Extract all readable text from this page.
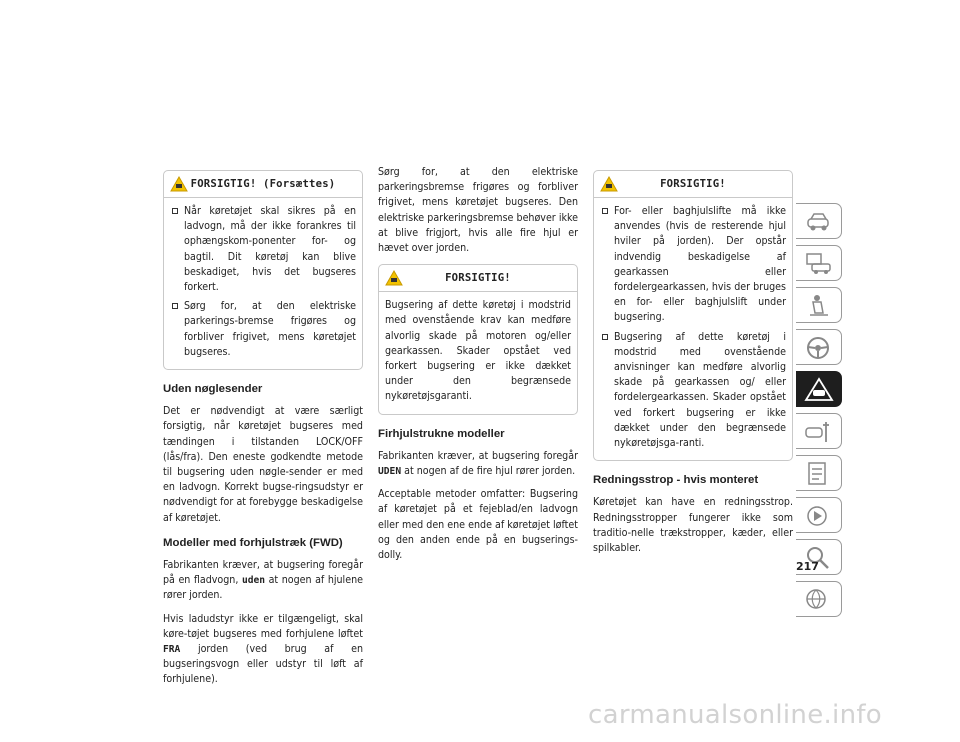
FORSIGTIG! (Forsættes)
Når køretøjet skal sikres på en ladvogn, må der ikke forankres til ophængskom-ponenter for- og bagtil. Dit køretøj kan blive beskadiget, hvis det bugseres forkert.
Sørg for, at den elektriske parkerings-bremse frigøres og forbliver frigivet, mens køretøjet bugseres.
Uden nøglesender

Det er nødvendigt at være særligt forsigtig, når køretøjet bugseres med tændingen i tilstanden LOCK/OFF (lås/fra). Den eneste godkendte metode til bugsering uden nøgle-sender er med en ladvogn. Korrekt bugse-ringsudstyr er nødvendigt for at forebygge beskadigelse af køretøjet.

Modeller med forhjulstræk (FWD)

Fabrikanten kræver, at bugsering foregår på en fladvogn, uden at nogen af hjulene rører jorden.

Hvis ladudstyr ikke er tilgængeligt, skal køre-tøjet bugseres med forhjulene løftet FRA jorden (ved brug af en bugseringsvogn eller udstyr til løft af forhjulene).

Sørg for, at den elektriske parkeringsbremse frigøres og forbliver frigivet, mens køretøjet bugseres. Den elektriske parkeringsbremse behøver ikke at blive frigjort, hvis alle fire hjul er hævet over jorden.

FORSIGTIG!

Bugsering af dette køretøj i modstrid med ovenstående krav kan medføre alvorlig skade på motoren og/eller gearkassen. Skader opstået ved forkert bugsering er ikke dækket under den begrænsede nykøretøjsgaranti.

Firhjulstrukne modeller

Fabrikanten kræver, at bugsering foregår UDEN at nogen af de fire hjul rører jorden.

Acceptable metoder omfatter: Bugsering af køretøjet på et fejeblad/en ladvogn eller med den ene ende af køretøjet løftet og den anden ende på en bugserings-dolly.

FORSIGTIG!
For- eller baghjulslifte må ikke anvendes (hvis de resterende hjul hviler på jorden). Der opstår indvendig beskadigelse af gearkassen eller fordelergearkassen, hvis der bruges en for- eller baghjulslift under bugsering.
Bugsering af dette køretøj i modstrid med ovenstående anvisninger kan medføre alvorlig skade på gearkassen og/ eller fordelergearkassen. Skader opstået ved forkert bugsering er ikke dækket under den begrænsede nykøretøjsga-ranti.
Redningsstrop - hvis monteret

Køretøjet kan have en redningsstrop. Redningsstropper fungerer ikke som traditio-nelle trækstropper, kæder, eller spilkabler.

217
carmanualsonline.info
